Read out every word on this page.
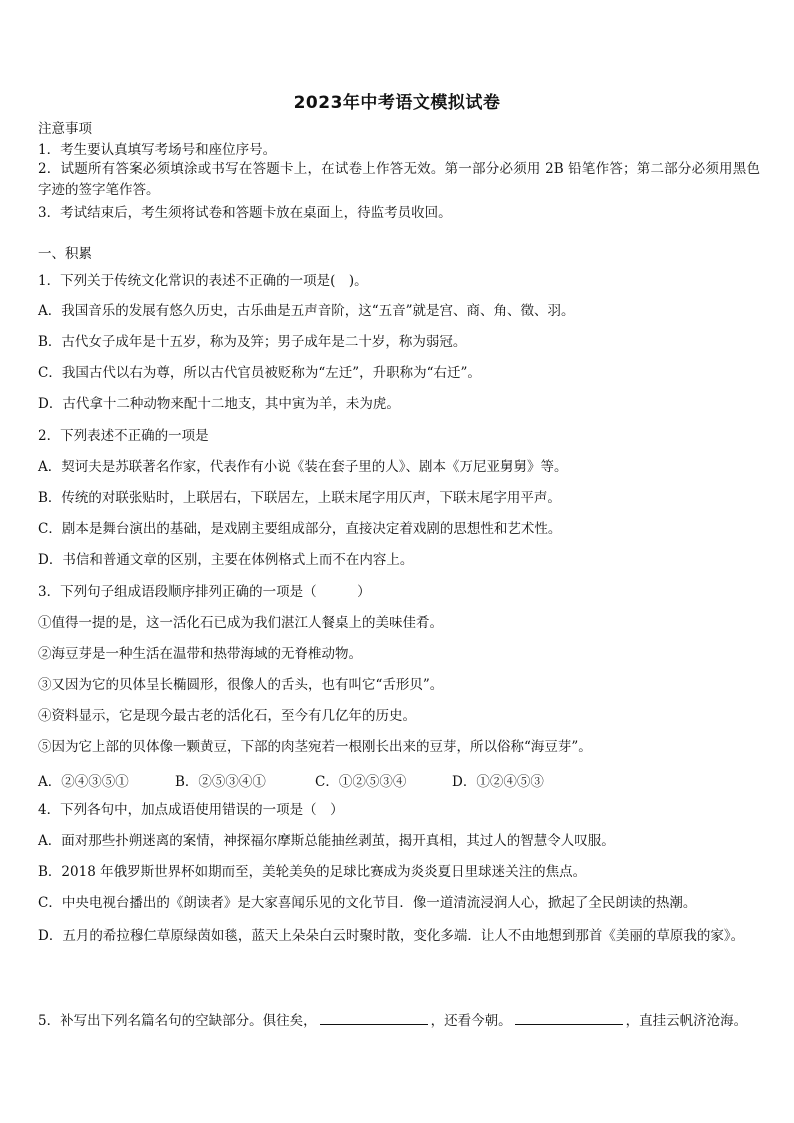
2023年中考语文模拟试卷
注意事项
1．考生要认真填写考场号和座位序号。
2．试题所有答案必须填涂或书写在答题卡上，在试卷上作答无效。第一部分必须用 2B 铅笔作答；第二部分必须用黑色字迹的签字笔作答。
3．考试结束后，考生须将试卷和答题卡放在桌面上，待监考员收回。
一、积累
1．下列关于传统文化常识的表述不正确的一项是(　)。
A．我国音乐的发展有悠久历史，古乐曲是五声音阶，这“五音”就是宫、商、角、徵、羽。
B．古代女子成年是十五岁，称为及笄；男子成年是二十岁，称为弱冠。
C．我国古代以右为尊，所以古代官员被贬称为“左迁”，升职称为“右迁”。
D．古代拿十二种动物来配十二地支，其中寅为羊，未为虎。
2．下列表述不正确的一项是
A．契诃夫是苏联著名作家，代表作有小说《装在套子里的人》、剧本《万尼亚舅舅》等。
B．传统的对联张贴时，上联居右，下联居左，上联末尾字用仄声，下联末尾字用平声。
C．剧本是舞台演出的基础，是戏剧主要组成部分，直接决定着戏剧的思想性和艺术性。
D．书信和普通文章的区别，主要在体例格式上而不在内容上。
3．下列句子组成语段顺序排列正确的一项是（　　　）
①值得一提的是，这一活化石已成为我们湛江人餐桌上的美味佳肴。
②海豆芽是一种生活在温带和热带海域的无脊椎动物。
③又因为它的贝体呈长椭圆形，很像人的舌头，也有叫它“舌形贝”。
④资料显示，它是现今最古老的活化石，至今有几亿年的历史。
⑤因为它上部的贝体像一颗黄豆，下部的肉茎宛若一根刚长出来的豆芽，所以俗称“海豆芽”。
A．②④③⑤①	B．②⑤③④①	C．①②⑤③④	D．①②④⑤③
4．下列各句中，加点成语使用错误的一项是（　）
A．面对那些扑朔迷离的案情，神探福尔摩斯总能抽丝剥茧，揭开真相，其过人的智慧令人叹服。
B．2018 年俄罗斯世界杯如期而至，美轮美奂的足球比赛成为炎炎夏日里球迷关注的焦点。
C．中央电视台播出的《朗读者》是大家喜闻乐见的文化节目．像一道清流浸润人心，掀起了全民朗读的热潮。
D．五月的希拉穆仁草原绿茵如毯，蓝天上朵朵白云时聚时散，变化多端．让人不由地想到那首《美丽的草原我的家》。
5．补写出下列名篇名句的空缺部分。俱往矣，	，还看今朝。	，直挂云帆济沧海。
